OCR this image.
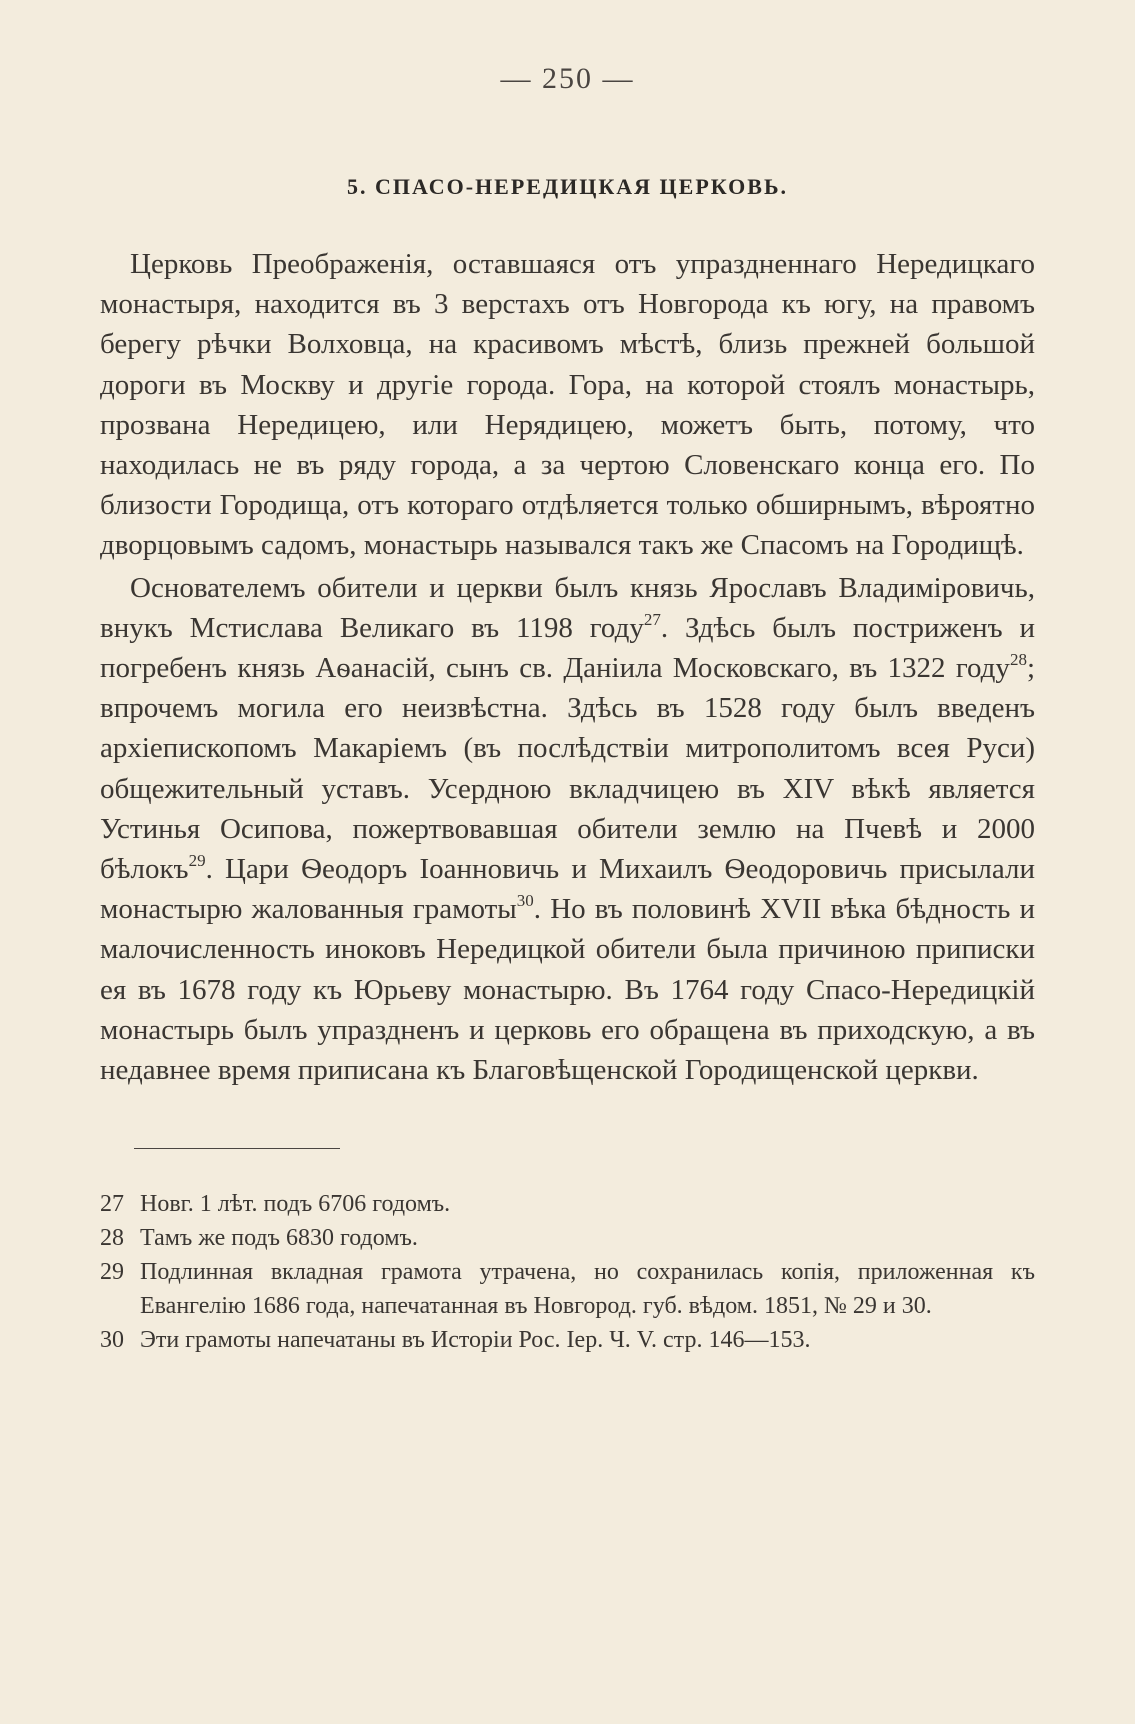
— 250 —
5. СПАСО-НЕРЕДИЦКАЯ ЦЕРКОВЬ.

Церковь Преображенія, оставшаяся отъ упраздненнаго Нередицкаго монастыря, находится въ 3 верстахъ отъ Новгорода къ югу, на правомъ берегу рѣчки Волховца, на красивомъ мѣстѣ, близь прежней большой дороги въ Москву и другіе города. Гора, на которой стоялъ монастырь, прозвана Нередицею, или Нерядицею, можетъ быть, потому, что находилась не въ ряду города, а за чертою Словенскаго конца его. По близости Городища, отъ котораго отдѣляется только обширнымъ, вѣроятно дворцовымъ садомъ, монастырь назывался такъ же Спасомъ на Городищѣ.

Основателемъ обители и церкви былъ князь Ярославъ Владиміровичь, внукъ Мстислава Великаго въ 1198 году$^{27}$. Здѣсь былъ постриженъ и погребенъ князь Аѳанасій, сынъ св. Даніила Московскаго, въ 1322 году$^{28}$; впрочемъ могила его неизвѣстна. Здѣсь въ 1528 году былъ введенъ архіепископомъ Макаріемъ (въ послѣдствіи митрополитомъ всея Руси) общежительный уставъ. Усердною вкладчицею въ XIV вѣкѣ является Устинья Осипова, пожертвовавшая обители землю на Пчевѣ и 2000 бѣлокъ$^{29}$. Цари Ѳеодоръ Іоанновичь и Михаилъ Ѳеодоровичь присылали монастырю жалованныя грамоты$^{30}$. Но въ половинѣ XVII вѣка бѣдность и малочисленность иноковъ Нередицкой обители была причиною приписки ея въ 1678 году къ Юрьеву монастырю. Въ 1764 году Спасо-Нередицкій монастырь былъ упраздненъ и церковь его обращена въ приходскую, а въ недавнее время приписана къ Благовѣщенской Городищенской церкви.

27 Новг. 1 лѣт. подъ 6706 годомъ.
28 Тамъ же подъ 6830 годомъ.
29 Подлинная вкладная грамота утрачена, но сохранилась копія, приложенная къ Евангелію 1686 года, напечатанная въ Новгород. губ. вѣдом. 1851, № 29 и 30.
30 Эти грамоты напечатаны въ Исторіи Рос. Іер. Ч. V. стр. 146—153.
